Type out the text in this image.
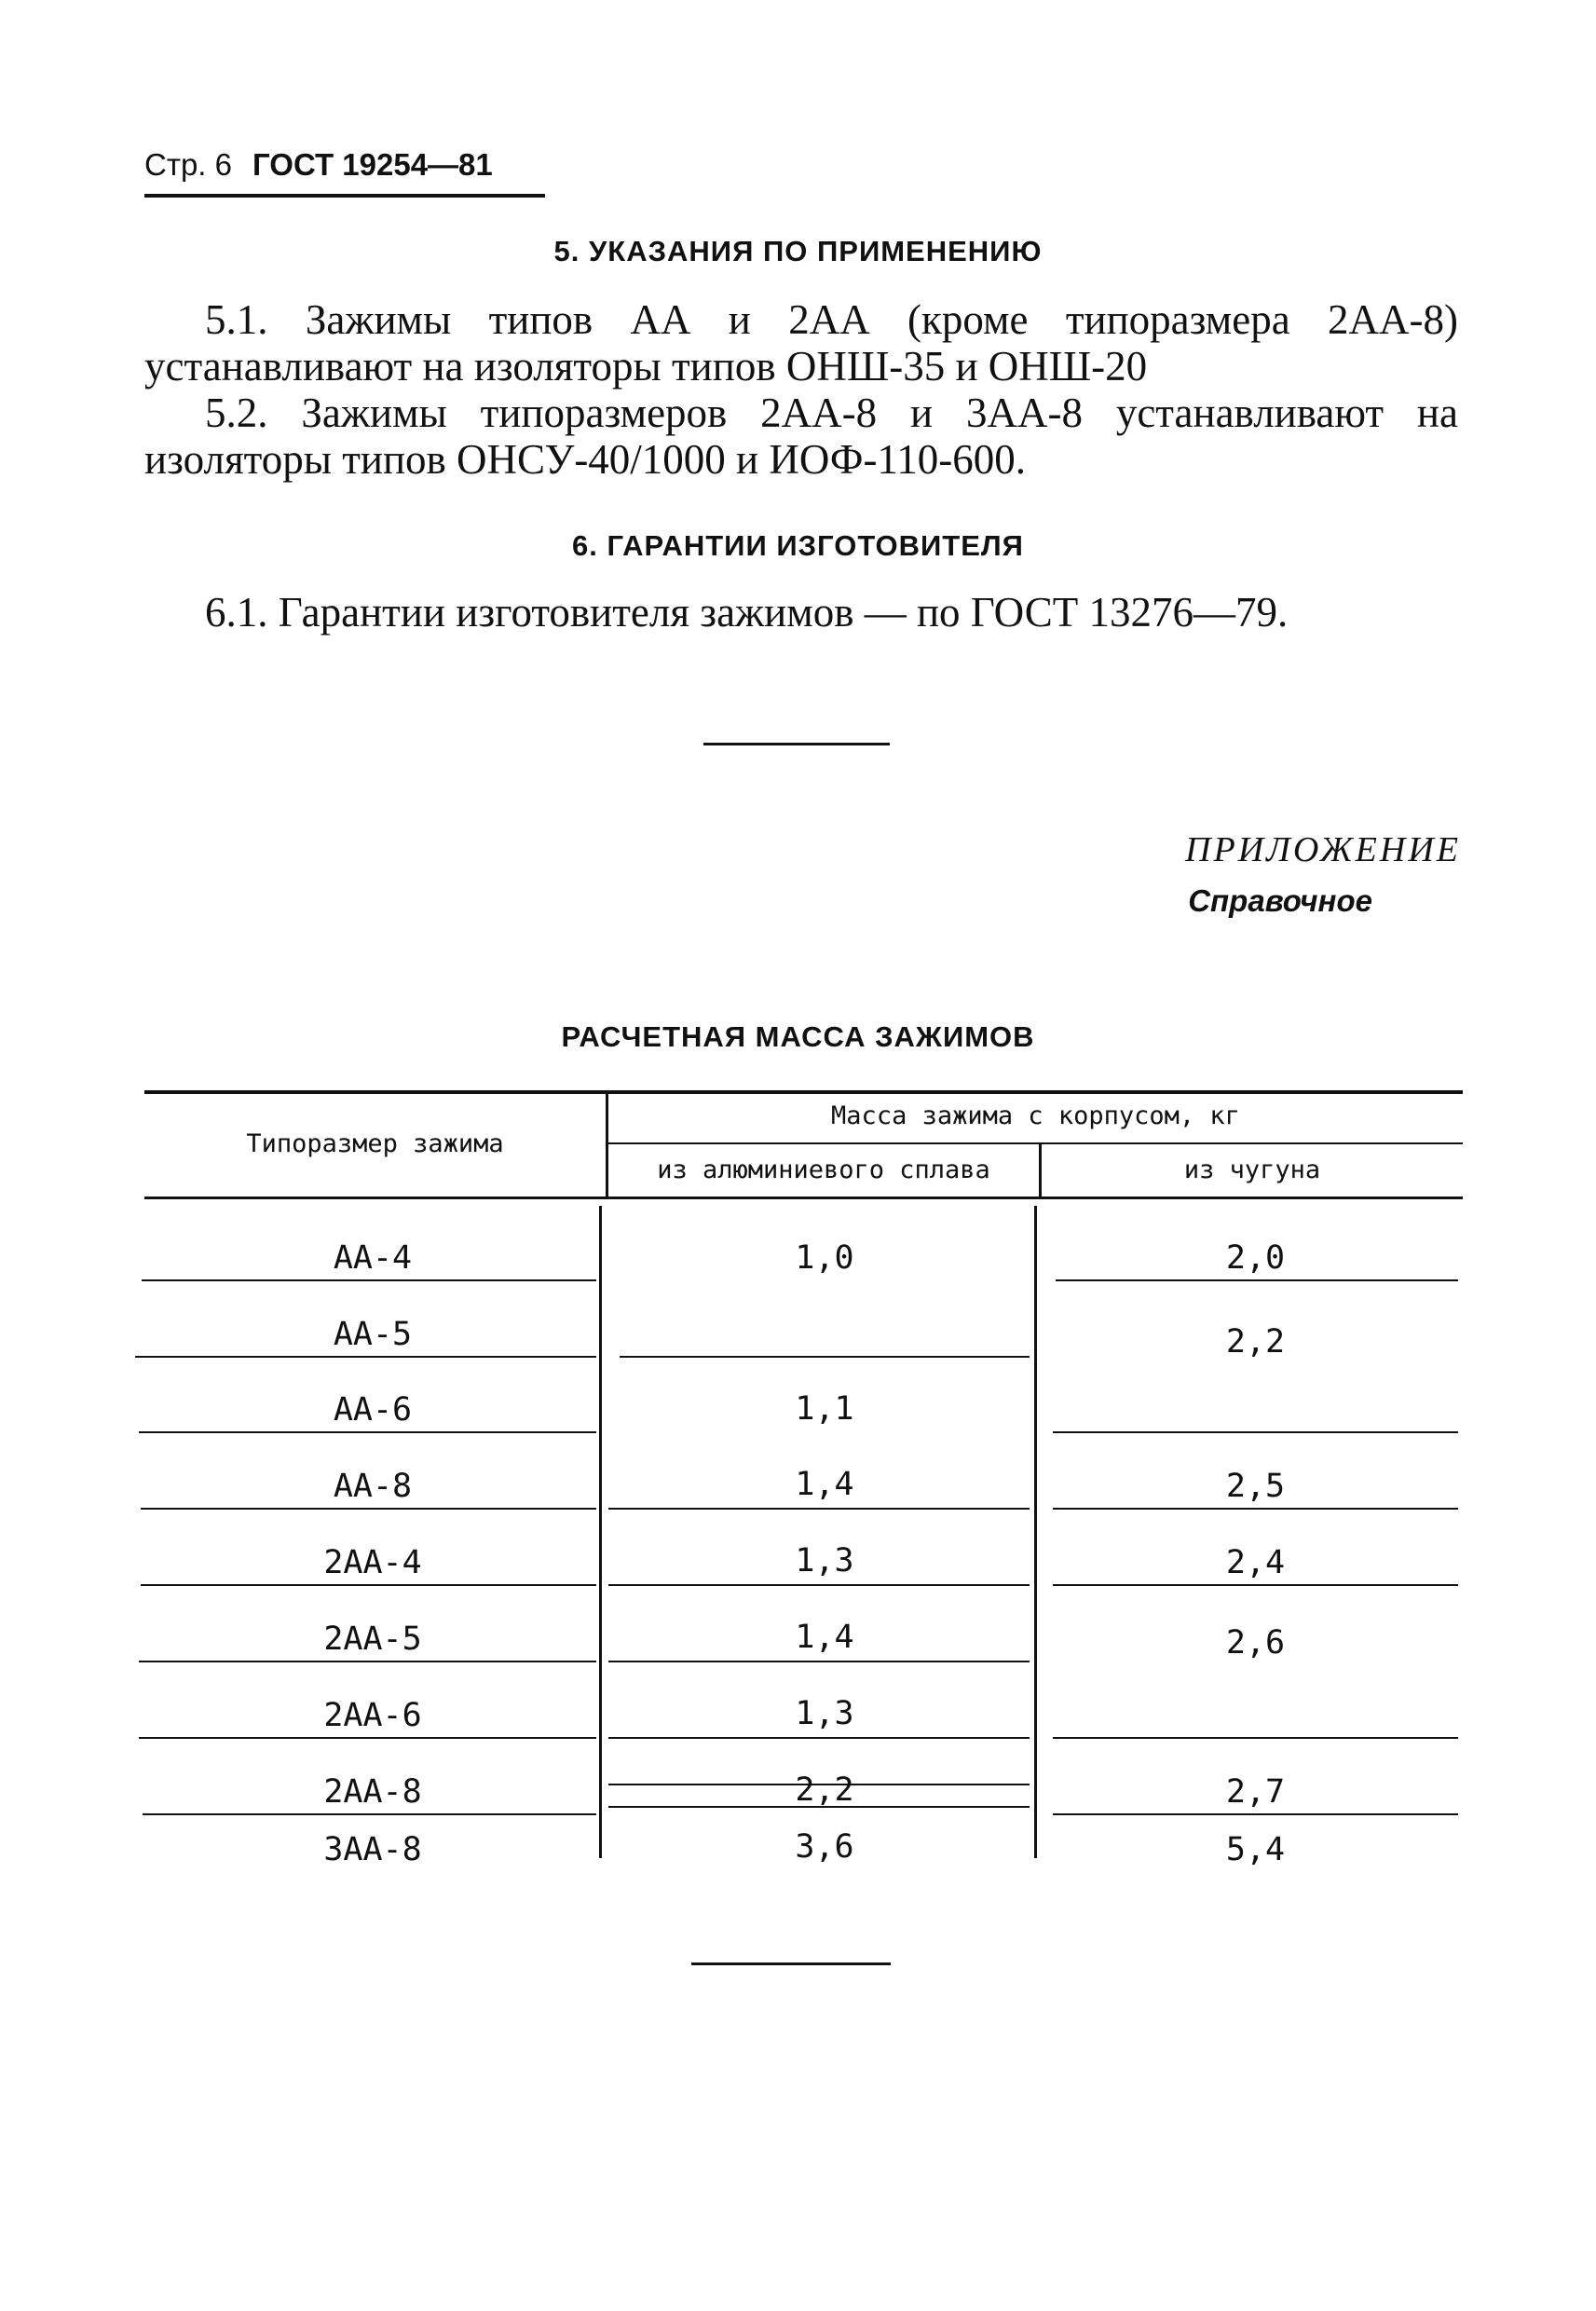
Стр. 6 ГОСТ 19254—81
5. УКАЗАНИЯ ПО ПРИМЕНЕНИЮ

5.1. Зажимы типов АА и 2АА (кроме типоразмера 2АА-8) устанавливают на изоляторы типов ОНШ-35 и ОНШ-20

5.2. Зажимы типоразмеров 2АА-8 и 3АА-8 устанавливают на изоляторы типов ОНСУ-40/1000 и ИОФ-110-600.

6. ГАРАНТИИ ИЗГОТОВИТЕЛЯ

6.1. Гарантии изготовителя зажимов — по ГОСТ 13276—79.

ПРИЛОЖЕНИЕ
Справочное
РАСЧЕТНАЯ МАССА ЗАЖИМОВ
Типоразмер зажима
Масса зажима с корпусом, кг
из алюминиевого сплава	из чугуна
АА-4
АА-5
АА-6
АА-8
2АА-4
2АА-5
2АА-6
2АА-8
3АА-8
1,0
1,1
1,4
1,3
1,4
1,3
2,2
3,6
2,0
2,2
2,5
2,4
2,6
2,7
5,4
